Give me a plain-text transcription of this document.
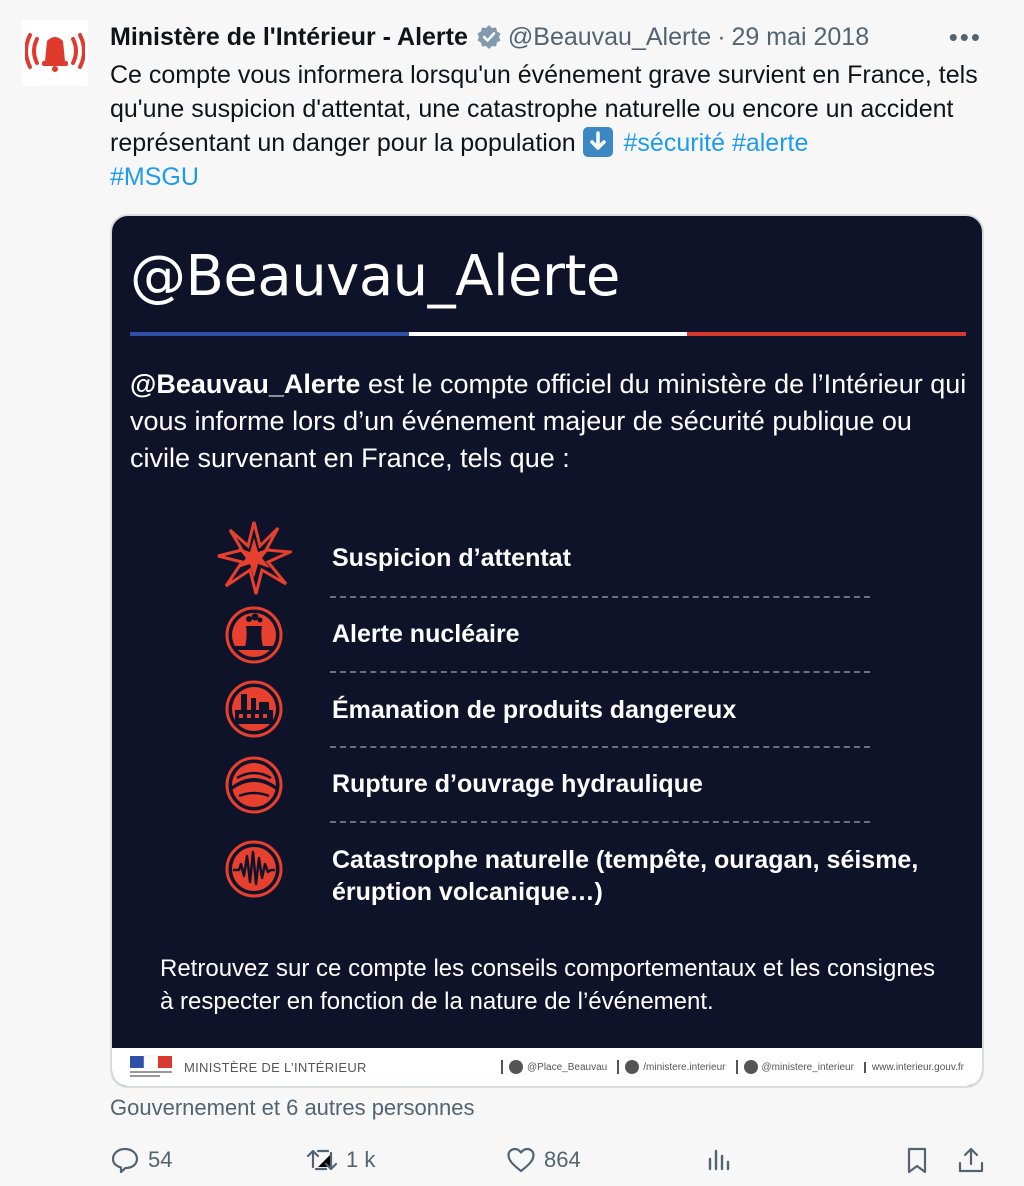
Ministère de l'Intérieur - Alerte @Beauvau_Alerte · 29 mai 2018	•••
Ce compte vous informera lorsqu'un événement grave survient en France, tels qu'une suspicion d'attentat, une catastrophe naturelle ou encore un accident représentant un danger pour la population
#sécurité #alerte
#MSGU
@Beauvau_Alerte
@Beauvau_Alerte est le compte officiel du ministère de l’Intérieur qui vous informe lors d’un événement majeur de sécurité publique ou civile survenant en France, tels que :
Suspicion d’attentat
Alerte nucléaire
Émanation de produits dangereux
Rupture d’ouvrage hydraulique
Catastrophe naturelle (tempête, ouragan, séisme, éruption volcanique…)
Retrouvez sur ce compte les conseils comportementaux et les consignes à respecter en fonction de la nature de l’événement.
MINISTÈRE DE L’INTÉRIEUR	@Place_Beauvau	/ministere.interieur	@ministere_interieur www.interieur.gouv.fr
Gouvernement et 6 autres personnes
54	1 k	864
